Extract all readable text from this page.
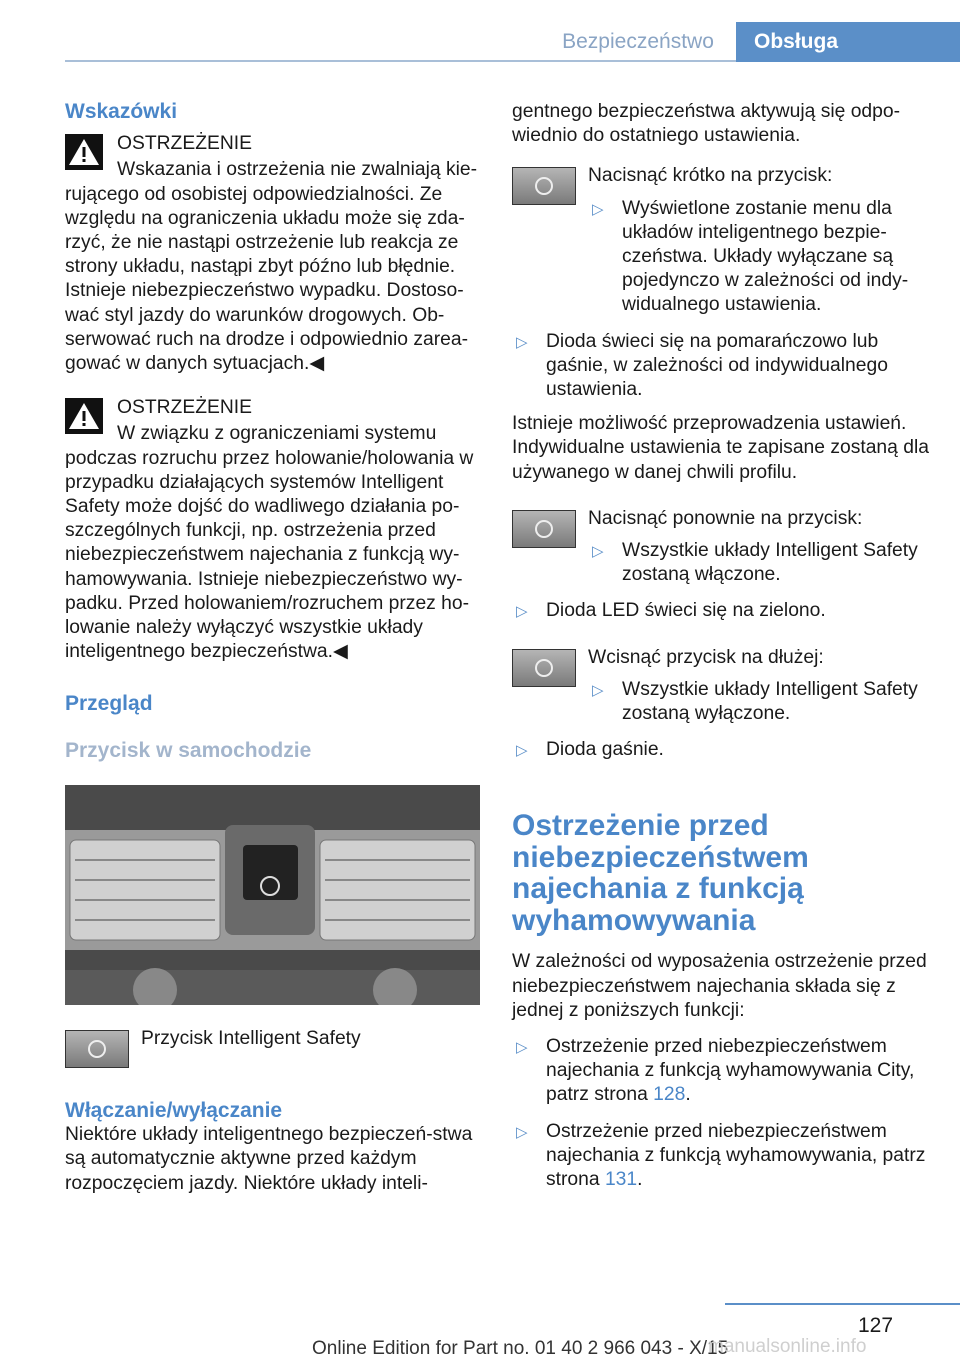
Bezpieczeństwo	Obsługa

Wskazówki

OSTRZEŻENIE

Wskazania i ostrzeżenia nie zwalniają kie-rującego od osobistej odpowiedzialności. Ze względu na ograniczenia układu może się zda-rzyć, że nie nastąpi ostrzeżenie lub reakcja ze strony układu, nastąpi zbyt późno lub błędnie. Istnieje niebezpieczeństwo wypadku. Dostoso-wać styl jazdy do warunków drogowych. Ob-serwować ruch na drodze i odpowiednio zarea-gować w danych sytuacjach.◀

OSTRZEŻENIE

W związku z ograniczeniami systemu podczas rozruchu przez holowanie/holowania w przypadku działających systemów Intelligent Safety może dojść do wadliwego działania po-szczególnych funkcji, np. ostrzeżenia przed niebezpieczeństwem najechania z funkcją wy-hamowywania. Istnieje niebezpieczeństwo wy-padku. Przed holowaniem/rozruchem przez ho-lowanie należy wyłączyć wszystkie układy inteligentnego bezpieczeństwa.◀

Przegląd

Przycisk w samochodzie

Przycisk Intelligent Safety

Włączanie/wyłączanie

Niektóre układy inteligentnego bezpieczeń-stwa są automatycznie aktywne przed każdym rozpoczęciem jazdy. Niektóre układy inteli-

gentnego bezpieczeństwa aktywują się odpo-wiednio do ostatniego ustawienia.

Nacisnąć krótko na przycisk:

▷ Wyświetlone zostanie menu dla układów inteligentnego bezpie-czeństwa. Układy wyłączane są pojedynczo w zależności od indy-widualnego ustawienia.

▷ Dioda świeci się na pomarańczowo lub gaśnie, w zależności od indywidualnego ustawienia.

Istnieje możliwość przeprowadzenia ustawień. Indywidualne ustawienia te zapisane zostaną dla używanego w danej chwili profilu.

Nacisnąć ponownie na przycisk:

▷ Wszystkie układy Intelligent Safety zostaną włączone.

▷ Dioda LED świeci się na zielono.

Wcisnąć przycisk na dłużej:

▷ Wszystkie układy Intelligent Safety zostaną wyłączone.

▷ Dioda gaśnie.

Ostrzeżenie przed niebezpieczeństwem najechania z funkcją wyhamowywania

W zależności od wyposażenia ostrzeżenie przed niebezpieczeństwem najechania składa się z jednej z poniższych funkcji:

▷ Ostrzeżenie przed niebezpieczeństwem najechania z funkcją wyhamowywania City, patrz strona 128.

▷ Ostrzeżenie przed niebezpieczeństwem najechania z funkcją wyhamowywania, patrz strona 131.

127
Online Edition for Part no. 01 40 2 966 043 - X/15
manualsonline.info
